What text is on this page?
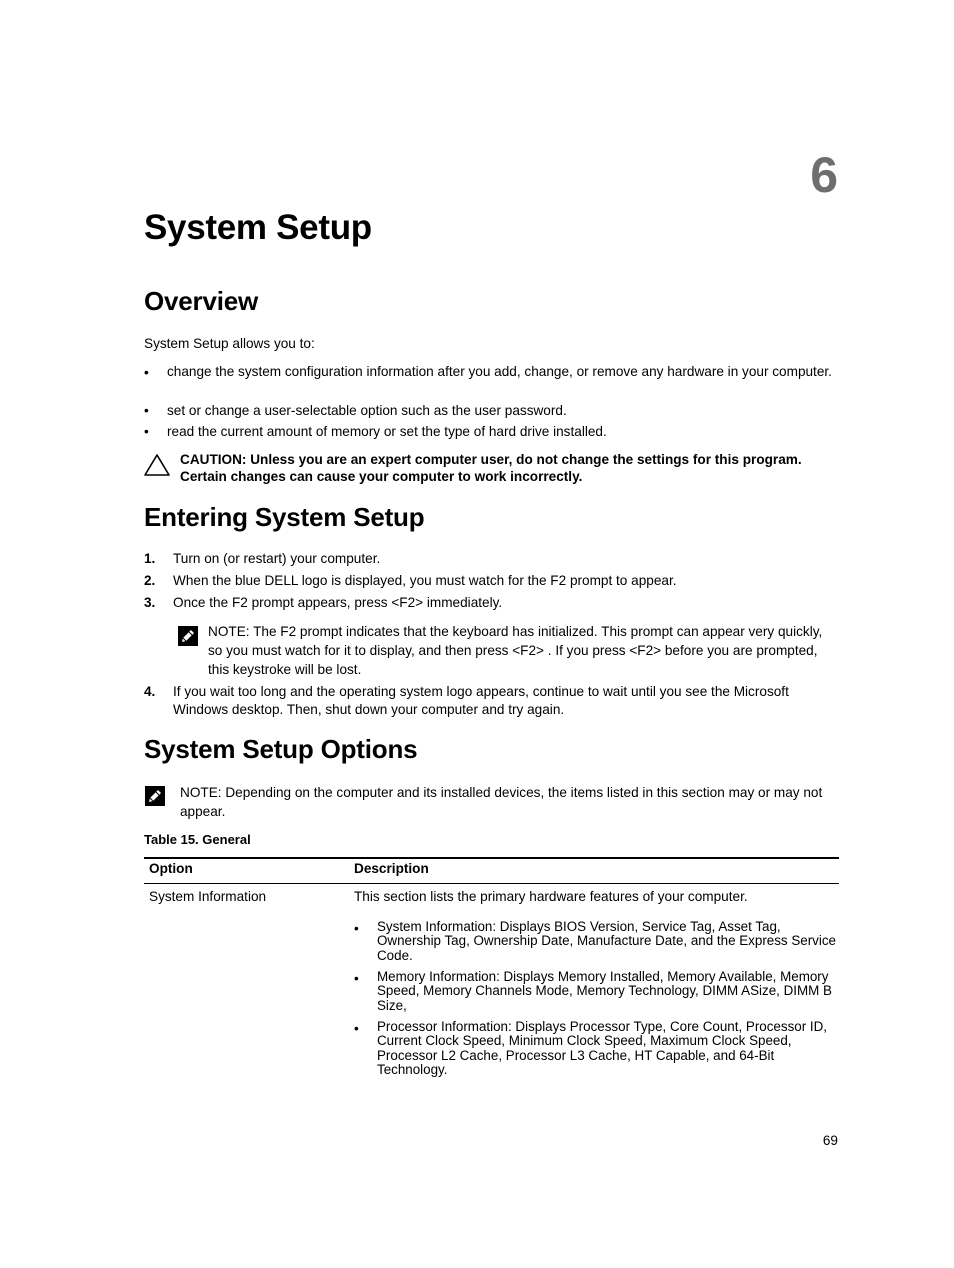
6
System Setup
Overview
System Setup allows you to:
•	change the system configuration information after you add, change, or remove any hardware in your computer.
•	set or change a user-selectable option such as the user password.
•	read the current amount of memory or set the type of hard drive installed.
CAUTION: Unless you are an expert computer user, do not change the settings for this program.
Certain changes can cause your computer to work incorrectly.
Entering System Setup
1. Turn on (or restart) your computer.
2. When the blue DELL logo is displayed, you must watch for the F2 prompt to appear.
3. Once the F2 prompt appears, press <F2> immediately.
NOTE: The F2 prompt indicates that the keyboard has initialized. This prompt can appear very quickly, so you must watch for it to display, and then press <F2> . If you press <F2> before you are prompted, this keystroke will be lost.
4. If you wait too long and the operating system logo appears, continue to wait until you see the Microsoft Windows desktop. Then, shut down your computer and try again.
System Setup Options
NOTE: Depending on the computer and its installed devices, the items listed in this section may or may not appear.
Table 15. General
Option	Description
System Information	This section lists the primary hardware features of your computer.
• System Information: Displays BIOS Version, Service Tag, Asset Tag, Ownership Tag, Ownership Date, Manufacture Date, and the Express Service Code.
• Memory Information: Displays Memory Installed, Memory Available, Memory Speed, Memory Channels Mode, Memory Technology, DIMM ASize, DIMM B Size,
• Processor Information: Displays Processor Type, Core Count, Processor ID, Current Clock Speed, Minimum Clock Speed, Maximum Clock Speed, Processor L2 Cache, Processor L3 Cache, HT Capable, and 64-Bit Technology.
69
